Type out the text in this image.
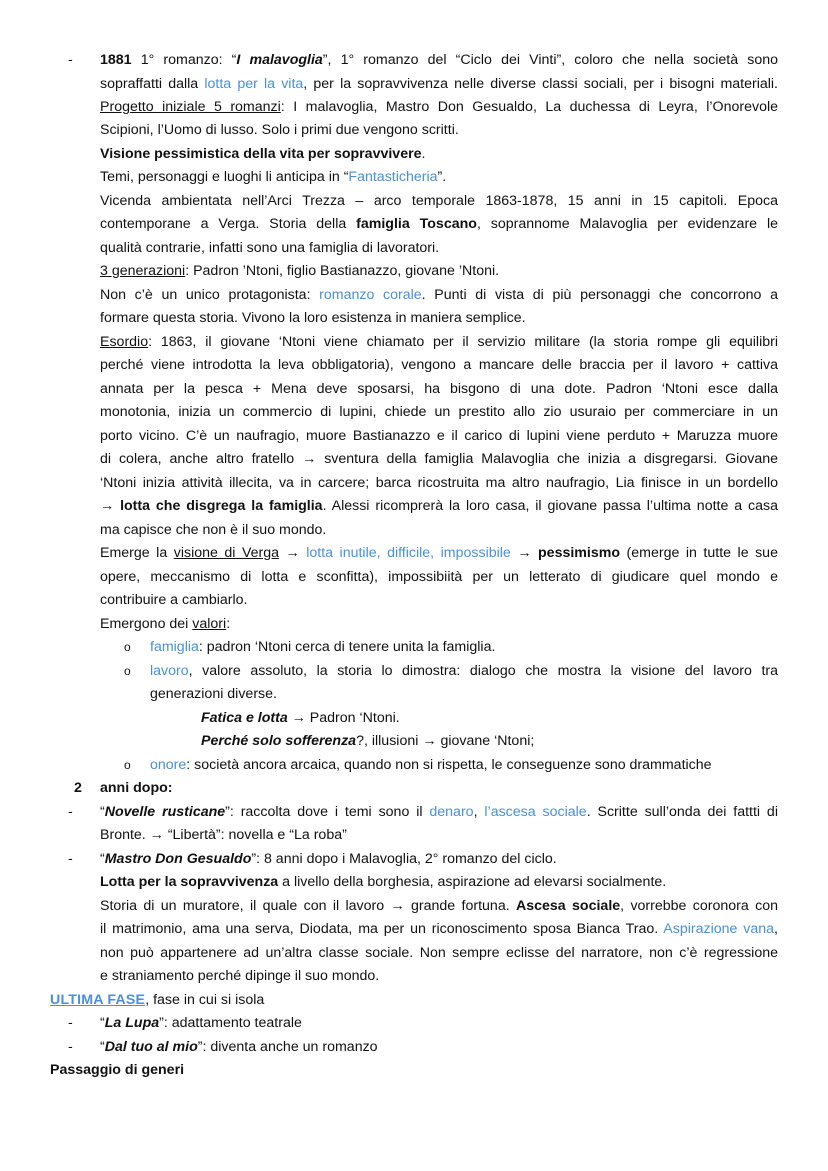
- 1881 1° romanzo: “I malavoglia”, 1° romanzo del “Ciclo dei Vinti”, coloro che nella società sono
sopraffatti dalla lotta per la vita, per la sopravvivenza nelle diverse classi sociali, per i bisogni materiali.
Progetto iniziale 5 romanzi: I malavoglia, Mastro Don Gesualdo, La duchessa di Leyra, l’Onorevole
Scipioni, l’Uomo di lusso. Solo i primi due vengono scritti.
Visione pessimistica della vita per sopravvivere.
Temi, personaggi e luoghi li anticipa in “Fantasticheria”.
Vicenda ambientata nell’Arci Trezza – arco temporale 1863-1878, 15 anni in 15 capitoli. Epoca
contemporane a Verga. Storia della famiglia Toscano, soprannome Malavoglia per evidenzare le
qualità contrarie, infatti sono una famiglia di lavoratori.
3 generazioni: Padron ’Ntoni, figlio Bastianazzo, giovane ’Ntoni.
Non c’è un unico protagonista: romanzo corale. Punti di vista di più personaggi che concorrono a
formare questa storia. Vivono la loro esistenza in maniera semplice.
Esordio: 1863, il giovane ‘Ntoni viene chiamato per il servizio militare (la storia rompe gli equilibri
perché viene introdotta la leva obbligatoria), vengono a mancare delle braccia per il lavoro + cattiva
annata per la pesca + Mena deve sposarsi, ha bisgono di una dote. Padron ‘Ntoni esce dalla
monotonia, inizia un commercio di lupini, chiede un prestito allo zio usuraio per commerciare in un
porto vicino. C’è un naufragio, muore Bastianazzo e il carico di lupini viene perduto + Maruzza muore
di colera, anche altro fratello → sventura della famiglia Malavoglia che inizia a disgregarsi. Giovane
‘Ntoni inizia attività illecita, va in carcere; barca ricostruita ma altro naufragio, Lia finisce in un bordello
→ lotta che disgrega la famiglia. Alessi ricomprerà la loro casa, il giovane passa l’ultima notte a casa
ma capisce che non è il suo mondo.
Emerge la visione di Verga → lotta inutile, difficile, impossibile → pessimismo (emerge in tutte le sue
opere, meccanismo di lotta e sconfitta), impossibiità per un letterato di giudicare quel mondo e
contribuire a cambiarlo.
Emergono dei valori:
o famiglia: padron ‘Ntoni cerca di tenere unita la famiglia.
o lavoro, valore assoluto, la storia lo dimostra: dialogo che mostra la visione del lavoro tra
generazioni diverse.
Fatica e lotta → Padron ‘Ntoni.
Perché solo sofferenza?, illusioni → giovane ‘Ntoni;
o onore: società ancora arcaica, quando non si rispetta, le conseguenze sono drammatiche
2 anni dopo:
- “Novelle rusticane”: raccolta dove i temi sono il denaro, l’ascesa sociale. Scritte sull’onda dei fattti di
Bronte. → “Libertà”: novella e “La roba”
- “Mastro Don Gesualdo”: 8 anni dopo i Malavoglia, 2° romanzo del ciclo.
Lotta per la sopravvivenza a livello della borghesia, aspirazione ad elevarsi socialmente.
Storia di un muratore, il quale con il lavoro → grande fortuna. Ascesa sociale, vorrebbe coronora con
il matrimonio, ama una serva, Diodata, ma per un riconoscimento sposa Bianca Trao. Aspirazione vana,
non può appartenere ad un’altra classe sociale. Non sempre eclisse del narratore, non c’è regressione
e straniamento perché dipinge il suo mondo.
ULTIMA FASE, fase in cui si isola
- “La Lupa”: adattamento teatrale
- “Dal tuo al mio”: diventa anche un romanzo
Passaggio di generi
